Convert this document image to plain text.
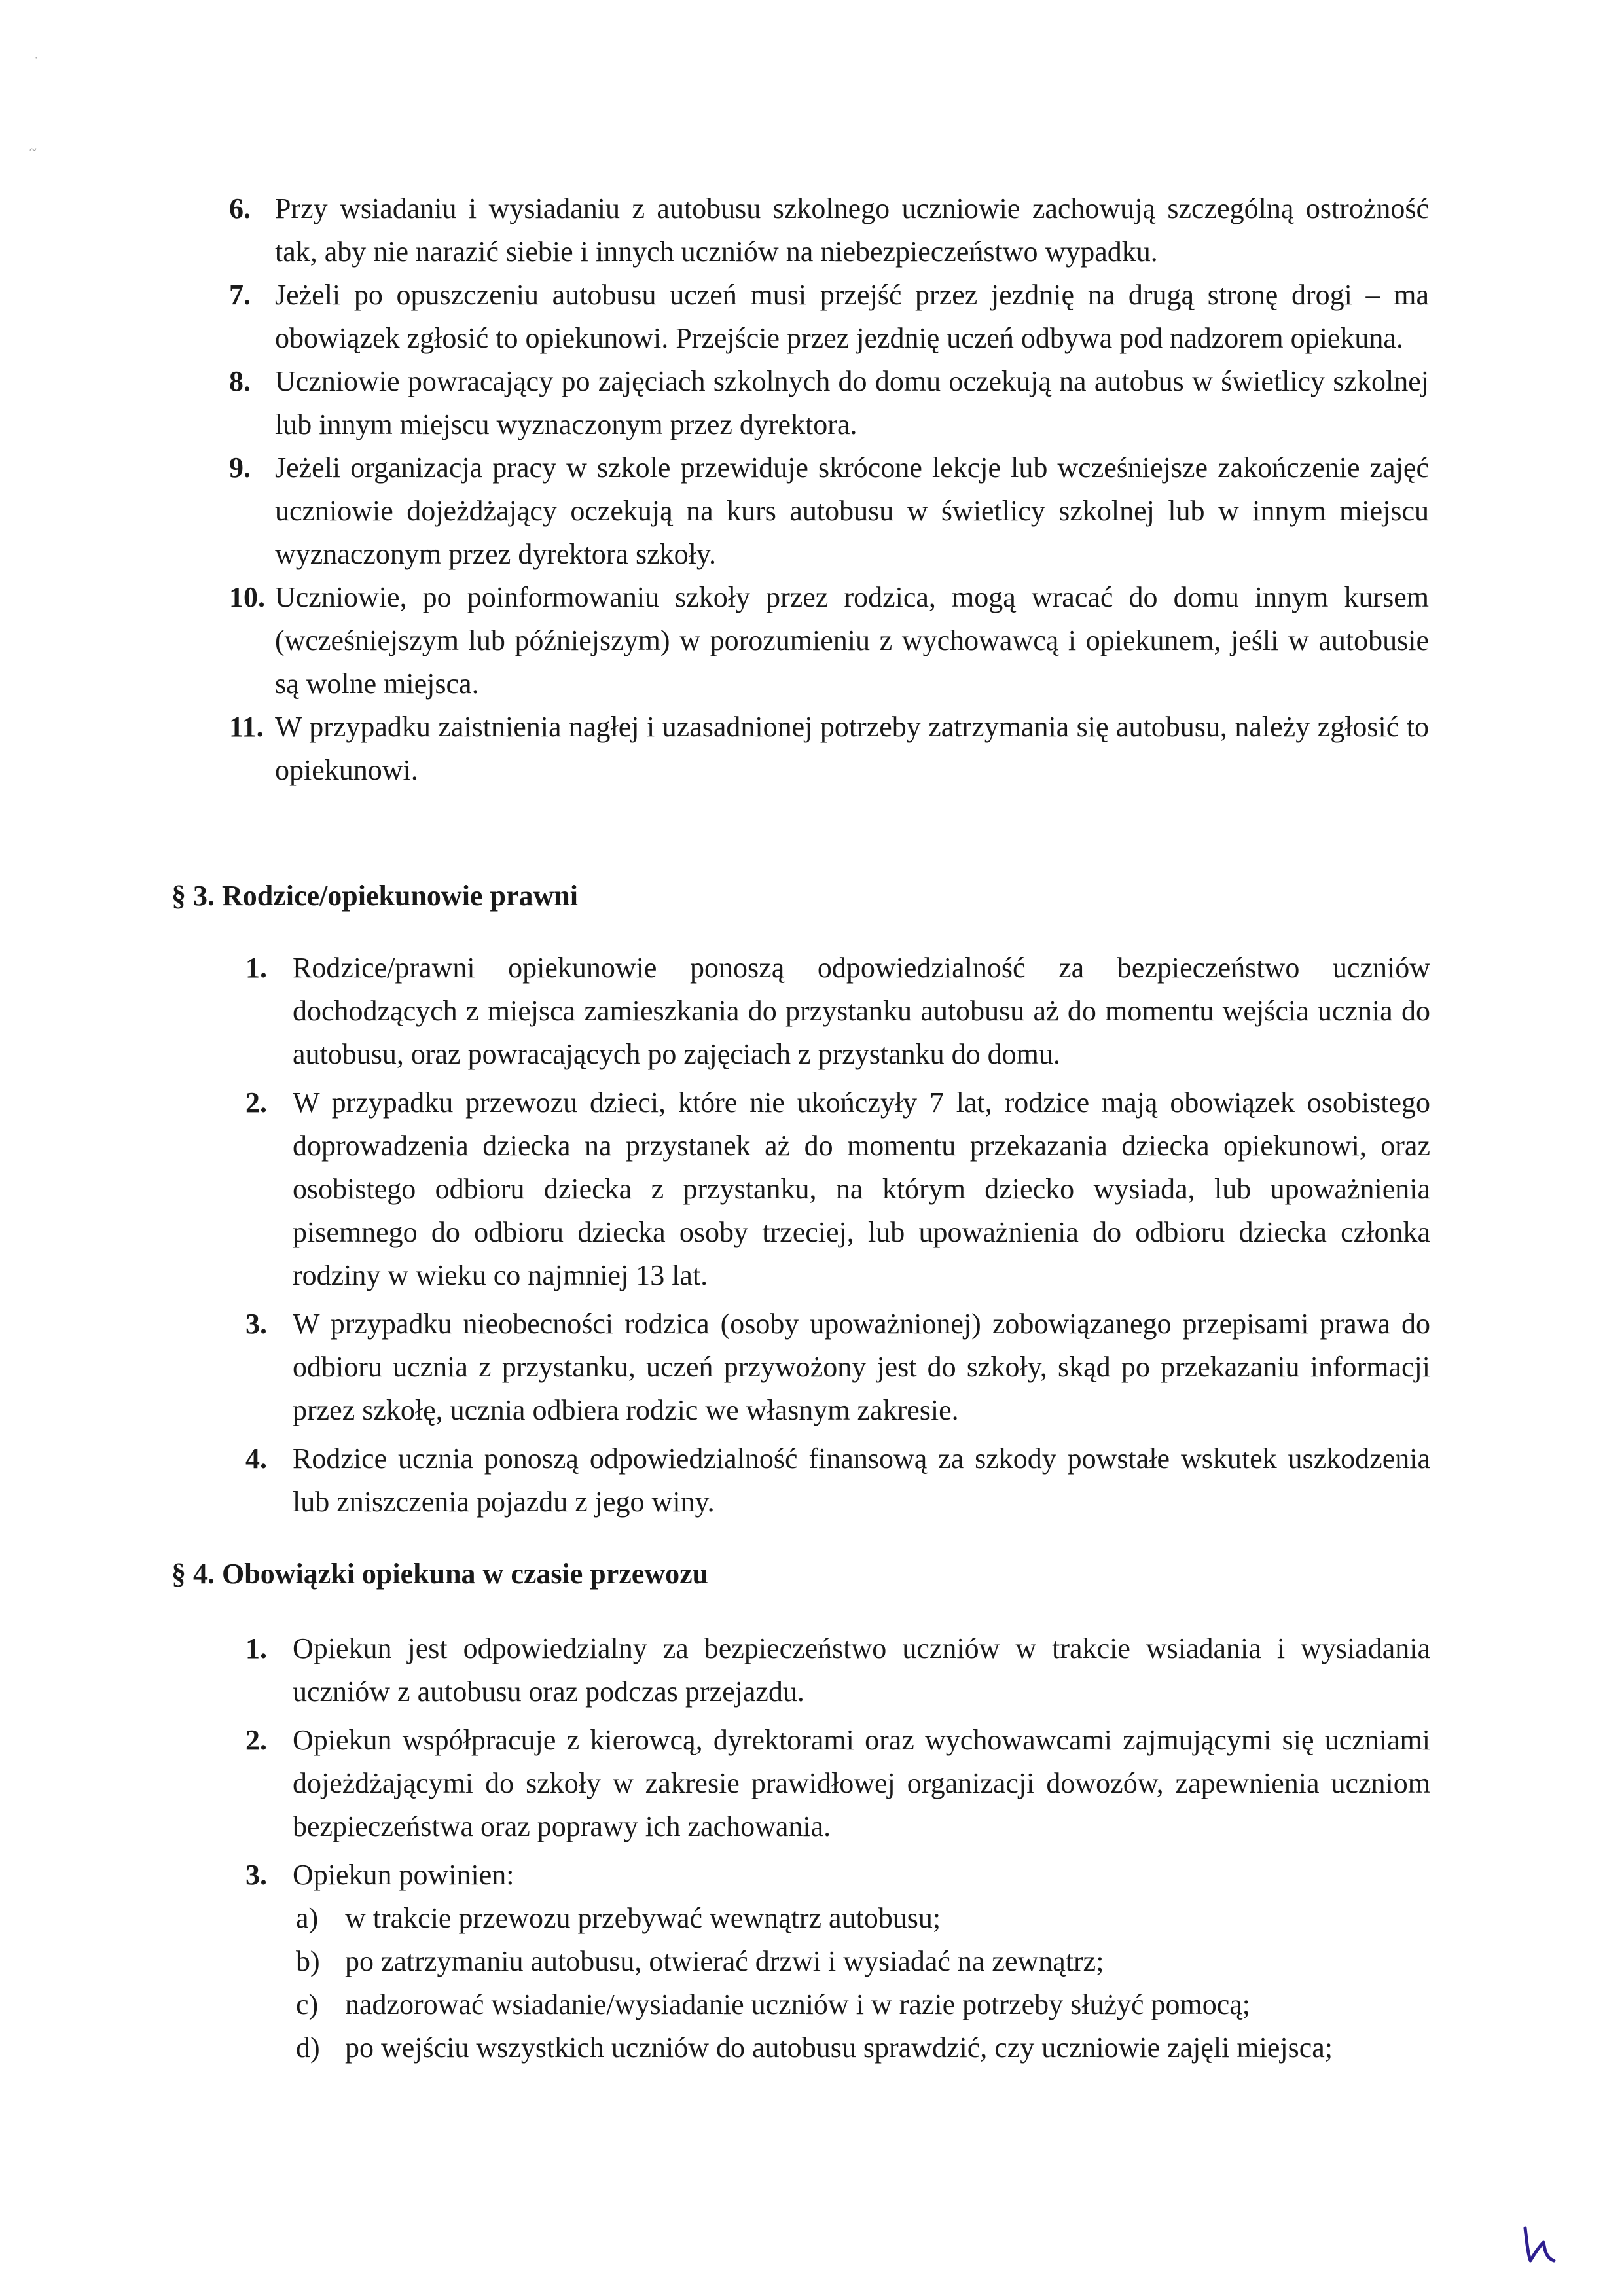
·
~
6. Przy wsiadaniu i wysiadaniu z autobusu szkolnego uczniowie zachowują szczególną ostrożność tak, aby nie narazić siebie i innych uczniów na niebezpieczeństwo wypadku.
7. Jeżeli po opuszczeniu autobusu uczeń musi przejść przez jezdnię na drugą stronę drogi – ma obowiązek zgłosić to opiekunowi. Przejście przez jezdnię uczeń odbywa pod nadzorem opiekuna.
8. Uczniowie powracający po zajęciach szkolnych do domu oczekują na autobus w świetlicy szkolnej lub innym miejscu wyznaczonym przez dyrektora.
9. Jeżeli organizacja pracy w szkole przewiduje skrócone lekcje lub wcześniejsze zakończenie zajęć uczniowie dojeżdżający oczekują na kurs autobusu w świetlicy szkolnej lub w innym miejscu wyznaczonym przez dyrektora szkoły.
10. Uczniowie, po poinformowaniu szkoły przez rodzica, mogą wracać do domu innym kursem (wcześniejszym lub późniejszym) w porozumieniu z wychowawcą i opiekunem, jeśli w autobusie są wolne miejsca.
11. W przypadku zaistnienia nagłej i uzasadnionej potrzeby zatrzymania się autobusu, należy zgłosić to opiekunowi.
§ 3. Rodzice/opiekunowie prawni
1. Rodzice/prawni opiekunowie ponoszą odpowiedzialność za bezpieczeństwo uczniów dochodzących z miejsca zamieszkania do przystanku autobusu aż do momentu wejścia ucznia do autobusu, oraz powracających po zajęciach z przystanku do domu.
2. W przypadku przewozu dzieci, które nie ukończyły 7 lat, rodzice mają obowiązek osobistego doprowadzenia dziecka na przystanek aż do momentu przekazania dziecka opiekunowi, oraz osobistego odbioru dziecka z przystanku, na którym dziecko wysiada, lub upoważnienia pisemnego do odbioru dziecka osoby trzeciej, lub upoważnienia do odbioru dziecka członka rodziny w wieku co najmniej 13 lat.
3. W przypadku nieobecności rodzica (osoby upoważnionej) zobowiązanego przepisami prawa do odbioru ucznia z przystanku, uczeń przywożony jest do szkoły, skąd po przekazaniu informacji przez szkołę, ucznia odbiera rodzic we własnym zakresie.
4. Rodzice ucznia ponoszą odpowiedzialność finansową za szkody powstałe wskutek uszkodzenia lub zniszczenia pojazdu z jego winy.
§ 4. Obowiązki opiekuna w czasie przewozu
1. Opiekun jest odpowiedzialny za bezpieczeństwo uczniów w trakcie wsiadania i wysiadania uczniów z autobusu oraz podczas przejazdu.
2. Opiekun współpracuje z kierowcą, dyrektorami oraz wychowawcami zajmującymi się uczniami dojeżdżającymi do szkoły w zakresie prawidłowej organizacji dowozów, zapewnienia uczniom bezpieczeństwa oraz poprawy ich zachowania.
3. Opiekun powinien:
a) w trakcie przewozu przebywać wewnątrz autobusu;
b) po zatrzymaniu autobusu, otwierać drzwi i wysiadać na zewnątrz;
c) nadzorować wsiadanie/wysiadanie uczniów i w razie potrzeby służyć pomocą;
d) po wejściu wszystkich uczniów do autobusu sprawdzić, czy uczniowie zajęli miejsca;
